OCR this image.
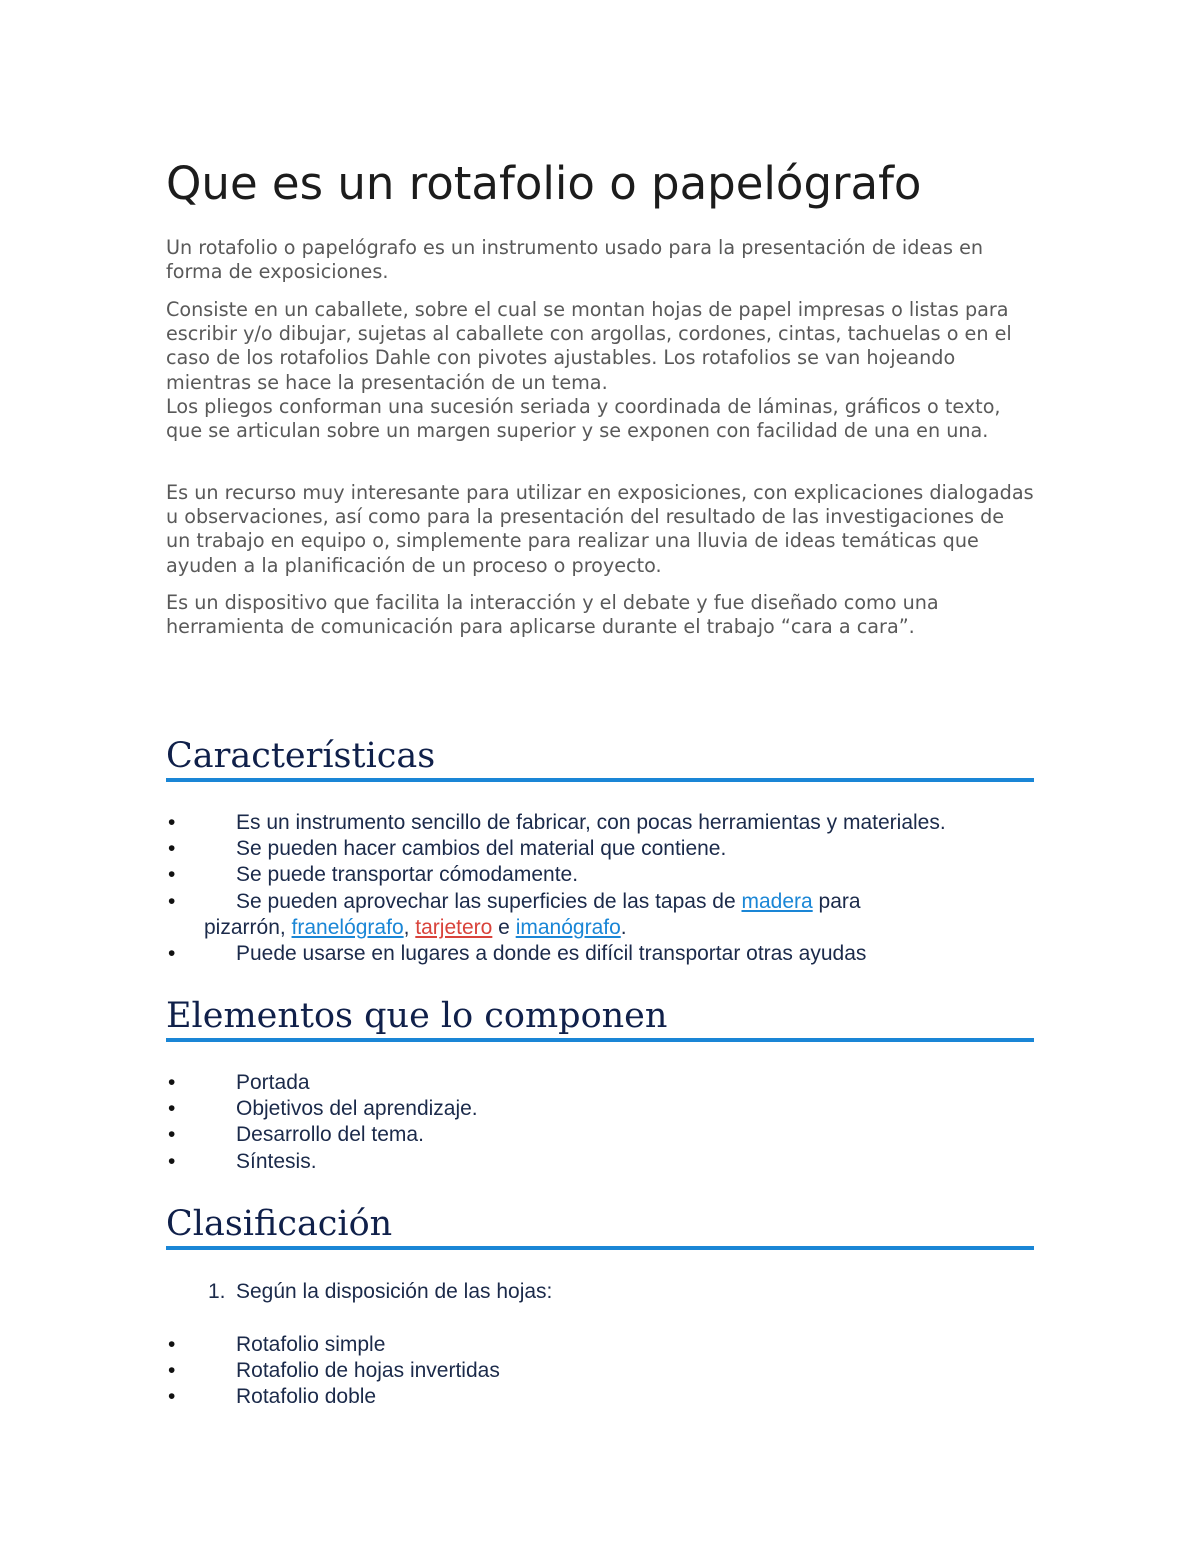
Que es un rotafolio o papelógrafo

Un rotafolio o papelógrafo es un instrumento usado para la presentación de ideas en forma de exposiciones.

Consiste en un caballete, sobre el cual se montan hojas de papel impresas o listas para escribir y/o dibujar, sujetas al caballete con argollas, cordones, cintas, tachuelas o en el caso de los rotafolios Dahle con pivotes ajustables. Los rotafolios se van hojeando mientras se hace la presentación de un tema.
Los pliegos conforman una sucesión seriada y coordinada de láminas, gráficos o texto, que se articulan sobre un margen superior y se exponen con facilidad de una en una.

Es un recurso muy interesante para utilizar en exposiciones, con explicaciones dialogadas u observaciones, así como para la presentación del resultado de las investigaciones de un trabajo en equipo o, simplemente para realizar una lluvia de ideas temáticas que ayuden a la planificación de un proceso o proyecto.

Es un dispositivo que facilita la interacción y el debate y fue diseñado como una herramienta de comunicación para aplicarse durante el trabajo “cara a cara”.

Características
•	Es un instrumento sencillo de fabricar, con pocas herramientas y materiales.
•	Se pueden hacer cambios del material que contiene.
•	Se puede transportar cómodamente.
•	Se pueden aprovechar las superficies de las tapas de madera para
pizarrón, franelógrafo, tarjetero e imanógrafo.
•	Puede usarse en lugares a donde es difícil transportar otras ayudas
Elementos que lo componen
•	Portada
•	Objetivos del aprendizaje.
•	Desarrollo del tema.
•	Síntesis.
Clasificación
1. Según la disposición de las hojas:
•	Rotafolio simple
•	Rotafolio de hojas invertidas
•	Rotafolio doble
